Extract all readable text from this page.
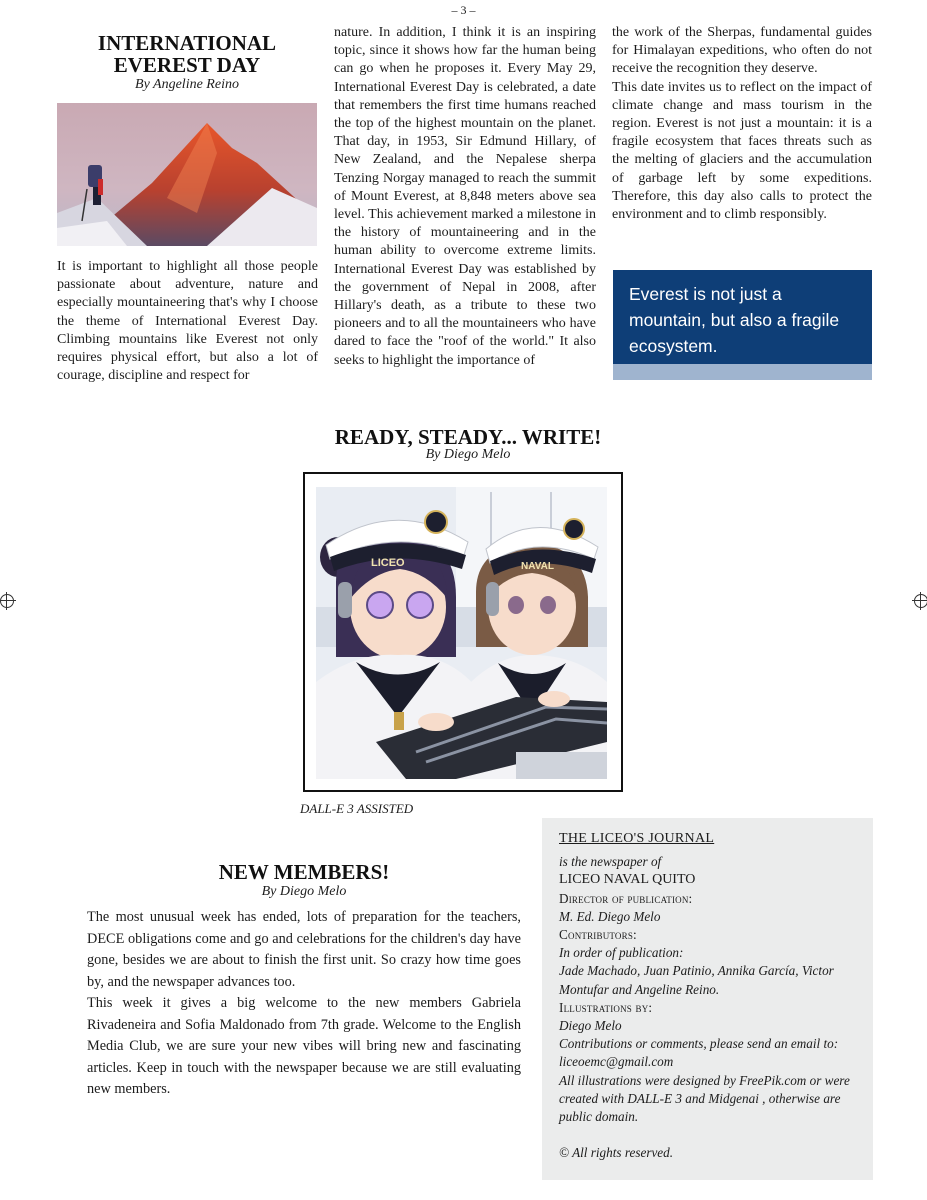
– 3 –
INTERNATIONAL EVEREST DAY
By Angeline Reino

It is important to highlight all those people passionate about adventure, nature and especially mountaineering that's why I choose the theme of International Everest Day. Climbing mountains like Everest not only requires physical effort, but also a lot of courage, discipline and respect for

nature. In addition, I think it is an inspiring topic, since it shows how far the human being can go when he proposes it. Every May 29, International Everest Day is celebrated, a date that remembers the first time humans reached the top of the highest mountain on the planet. That day, in 1953, Sir Edmund Hillary, of New Zealand, and the Nepalese sherpa Tenzing Norgay managed to reach the summit of Mount Everest, at 8,848 meters above sea level. This achievement marked a milestone in the history of mountaineering and in the human ability to overcome extreme limits. International Everest Day was established by the government of Nepal in 2008, after Hillary's death, as a tribute to these two pioneers and to all the mountaineers who have dared to face the "roof of the world." It also seeks to highlight the importance of

the work of the Sherpas, fundamental guides for Himalayan expeditions, who often do not receive the recognition they deserve.

This date invites us to reflect on the impact of climate change and mass tourism in the region. Everest is not just a mountain: it is a fragile ecosystem that faces threats such as the melting of glaciers and the accumulation of garbage left by some expeditions. Therefore, this day also calls to protect the environment and to climb responsibly.

Everest is not just a mountain, but also a fragile ecosystem.
READY, STEADY... WRITE!
By Diego Melo
LICEO	NAVAL
DALL-E 3 ASSISTED
NEW MEMBERS!
By Diego Melo

The most unusual week has ended, lots of preparation for the teachers, DECE obligations come and go and celebrations for the children's day have gone, besides we are about to finish the first unit. So crazy how time goes by, and the newspaper advances too.

This week it gives a big welcome to the new members Gabriela Rivadeneira and Sofia Maldonado from 7th grade. Welcome to the English Media Club, we are sure your new vibes will bring new and fascinating articles. Keep in touch with the newspaper because we are still evaluating new members.

THE LICEO'S JOURNAL
is the newspaper of
LICEO NAVAL QUITO
Director of publication:
M. Ed. Diego Melo
Contributors:
In order of publication:
Jade Machado, Juan Patinio, Annika García, Victor Montufar and Angeline Reino.
Illustrations by:
Diego Melo
Contributions or comments, please send an email to:
liceoemc@gmail.com
All illustrations were designed by FreePik.com or were created with DALL-E 3 and Midgenai , otherwise are public domain.
© All rights reserved.
